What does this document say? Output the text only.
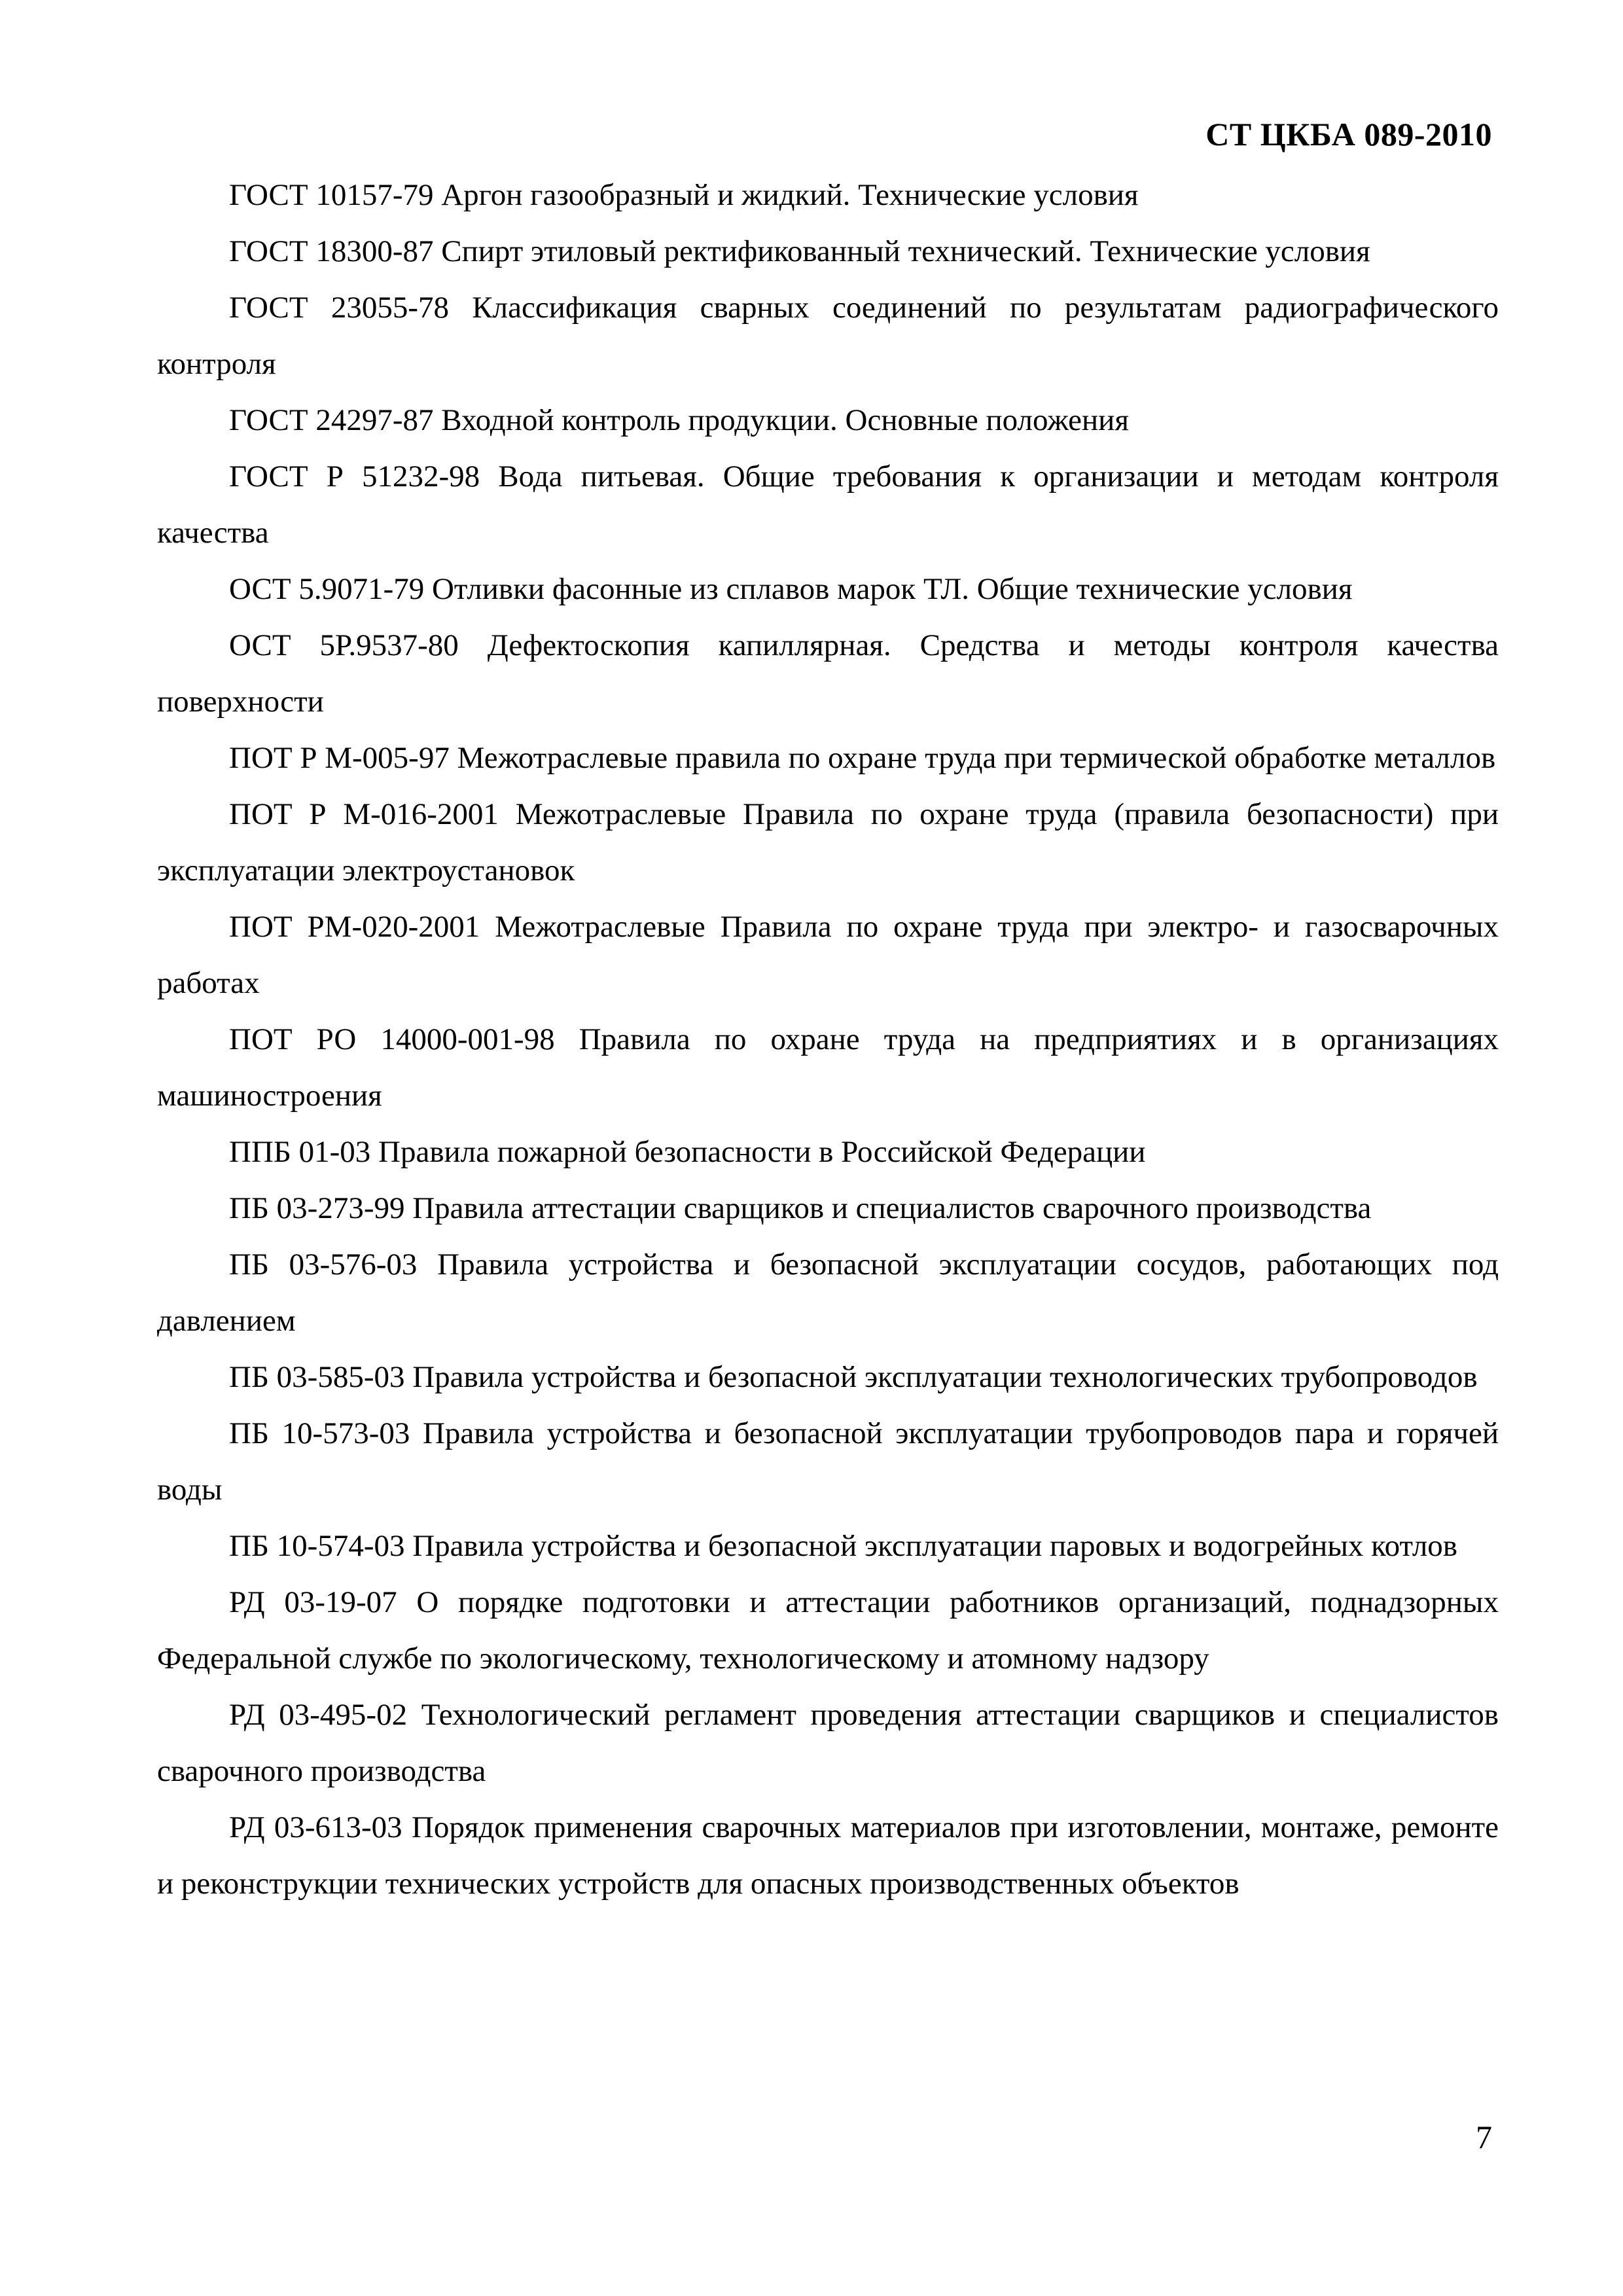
СТ ЦКБА 089-2010

ГОСТ 10157-79 Аргон газообразный и жидкий. Технические условия

ГОСТ 18300-87 Спирт этиловый ректификованный технический. Технические условия

ГОСТ 23055-78 Классификация сварных соединений по результатам радиографического контроля

ГОСТ 24297-87 Входной контроль продукции. Основные положения

ГОСТ Р 51232-98 Вода питьевая. Общие требования к организации и методам контроля качества

ОСТ 5.9071-79 Отливки фасонные из сплавов марок ТЛ. Общие технические условия

ОСТ 5Р.9537-80 Дефектоскопия капиллярная. Средства и методы контроля качества поверхности

ПОТ Р М-005-97 Межотраслевые правила по охране труда при термической обработке металлов

ПОТ Р М-016-2001 Межотраслевые Правила по охране труда (правила безопасности) при эксплуатации электроустановок

ПОТ РМ-020-2001 Межотраслевые Правила по охране труда при электро- и газосварочных работах

ПОТ РО 14000-001-98 Правила по охране труда на предприятиях и в организациях машиностроения

ППБ 01-03 Правила пожарной безопасности в Российской Федерации

ПБ 03-273-99 Правила аттестации сварщиков и специалистов сварочного производства

ПБ 03-576-03 Правила устройства и безопасной эксплуатации сосудов, работающих под давлением

ПБ 03-585-03 Правила устройства и безопасной эксплуатации технологических трубопроводов

ПБ 10-573-03 Правила устройства и безопасной эксплуатации трубопроводов пара и горячей воды

ПБ 10-574-03 Правила устройства и безопасной эксплуатации паровых и водогрейных котлов

РД 03-19-07 О порядке подготовки и аттестации работников организаций, поднадзорных Федеральной службе по экологическому, технологическому и атомному надзору

РД 03-495-02 Технологический регламент проведения аттестации сварщиков и специалистов сварочного производства

РД 03-613-03 Порядок применения сварочных материалов при изготовлении, монтаже, ремонте и реконструкции технических устройств для опасных производственных объектов

7
